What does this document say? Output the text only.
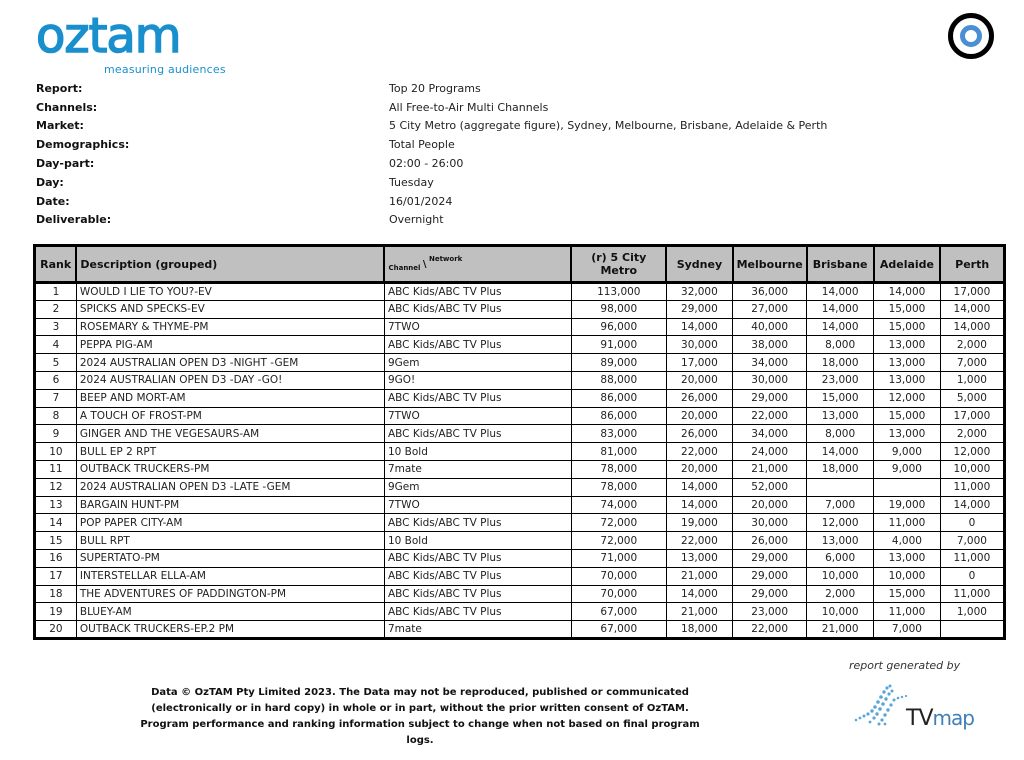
oztam
measuring audiences
Report:	Top 20 Programs
Channels:	All Free-to-Air Multi Channels
Market:	5 City Metro (aggregate figure), Sydney, Melbourne, Brisbane, Adelaide & Perth
Demographics:	Total People
Day-part:	02:00 - 26:00
Day:	Tuesday
Date:	16/01/2024
Deliverable:	Overnight
Rank	Description (grouped)	Channel \ Network	(r) 5 City Metro	Sydney	Melbourne	Brisbane	Adelaide	Perth
1	WOULD I LIE TO YOU?-EV	ABC Kids/ABC TV Plus	113,000	32,000	36,000	14,000	14,000	17,000
2	SPICKS AND SPECKS-EV	ABC Kids/ABC TV Plus	98,000	29,000	27,000	14,000	15,000	14,000
3	ROSEMARY & THYME-PM	7TWO	96,000	14,000	40,000	14,000	15,000	14,000
4	PEPPA PIG-AM	ABC Kids/ABC TV Plus	91,000	30,000	38,000	8,000	13,000	2,000
5	2024 AUSTRALIAN OPEN D3 -NIGHT -GEM	9Gem	89,000	17,000	34,000	18,000	13,000	7,000
6	2024 AUSTRALIAN OPEN D3 -DAY -GO!	9GO!	88,000	20,000	30,000	23,000	13,000	1,000
7	BEEP AND MORT-AM	ABC Kids/ABC TV Plus	86,000	26,000	29,000	15,000	12,000	5,000
8	A TOUCH OF FROST-PM	7TWO	86,000	20,000	22,000	13,000	15,000	17,000
9	GINGER AND THE VEGESAURS-AM	ABC Kids/ABC TV Plus	83,000	26,000	34,000	8,000	13,000	2,000
10	BULL EP 2 RPT	10 Bold	81,000	22,000	24,000	14,000	9,000	12,000
11	OUTBACK TRUCKERS-PM	7mate	78,000	20,000	21,000	18,000	9,000	10,000
12	2024 AUSTRALIAN OPEN D3 -LATE -GEM	9Gem	78,000	14,000	52,000			11,000
13	BARGAIN HUNT-PM	7TWO	74,000	14,000	20,000	7,000	19,000	14,000
14	POP PAPER CITY-AM	ABC Kids/ABC TV Plus	72,000	19,000	30,000	12,000	11,000	0
15	BULL RPT	10 Bold	72,000	22,000	26,000	13,000	4,000	7,000
16	SUPERTATO-PM	ABC Kids/ABC TV Plus	71,000	13,000	29,000	6,000	13,000	11,000
17	INTERSTELLAR ELLA-AM	ABC Kids/ABC TV Plus	70,000	21,000	29,000	10,000	10,000	0
18	THE ADVENTURES OF PADDINGTON-PM	ABC Kids/ABC TV Plus	70,000	14,000	29,000	2,000	15,000	11,000
19	BLUEY-AM	ABC Kids/ABC TV Plus	67,000	21,000	23,000	10,000	11,000	1,000
20	OUTBACK TRUCKERS-EP.2 PM	7mate	67,000	18,000	22,000	21,000	7,000	
Data © OzTAM Pty Limited 2023. The Data may not be reproduced, published or communicated
(electronically or in hard copy) in whole or in part, without the prior written consent of OzTAM.
Program performance and ranking information subject to change when not based on final program logs.
report generated by
TVmap
